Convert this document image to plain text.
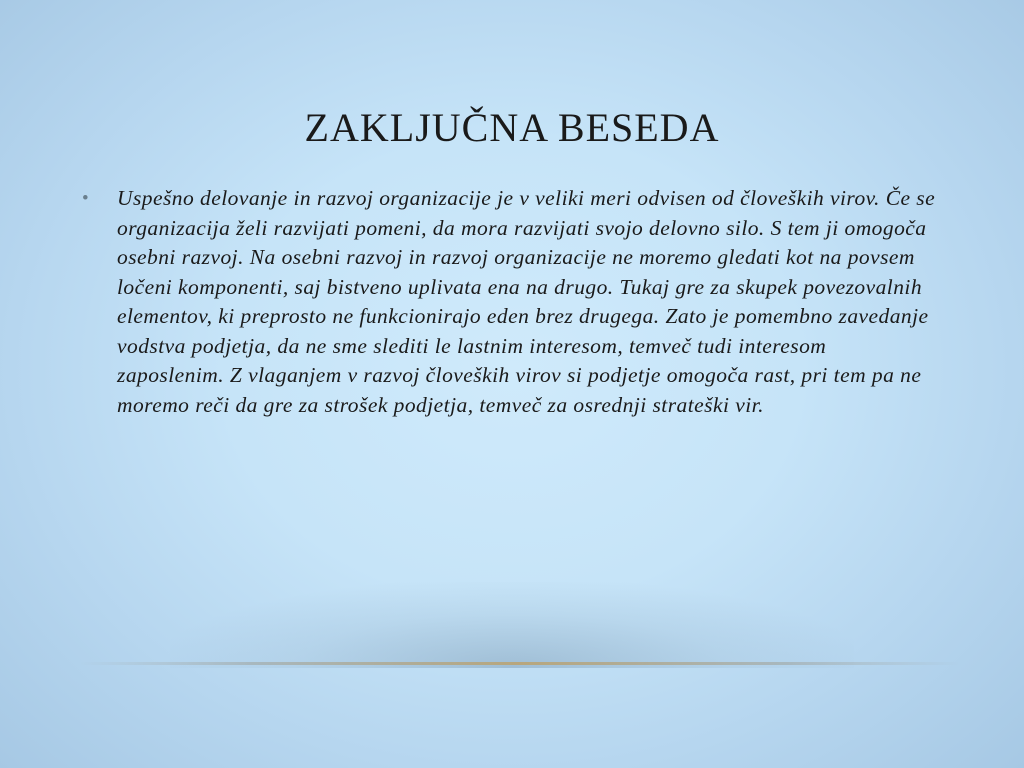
ZAKLJUČNA BESEDA
•	Uspešno delovanje in razvoj organizacije je v veliki meri odvisen od človeških virov. Če se organizacija želi razvijati pomeni, da mora razvijati svojo delovno silo. S tem ji omogoča osebni razvoj. Na osebni razvoj in razvoj organizacije ne moremo gledati kot na povsem ločeni komponenti, saj bistveno uplivata ena na drugo. Tukaj gre za skupek povezovalnih elementov, ki preprosto ne funkcionirajo eden brez drugega. Zato je pomembno zavedanje vodstva podjetja, da ne sme slediti le lastnim interesom, temveč tudi interesom zaposlenim. Z vlaganjem v razvoj človeških virov si podjetje omogoča rast, pri tem pa ne moremo reči da gre za strošek podjetja, temveč za osrednji strateški vir.
